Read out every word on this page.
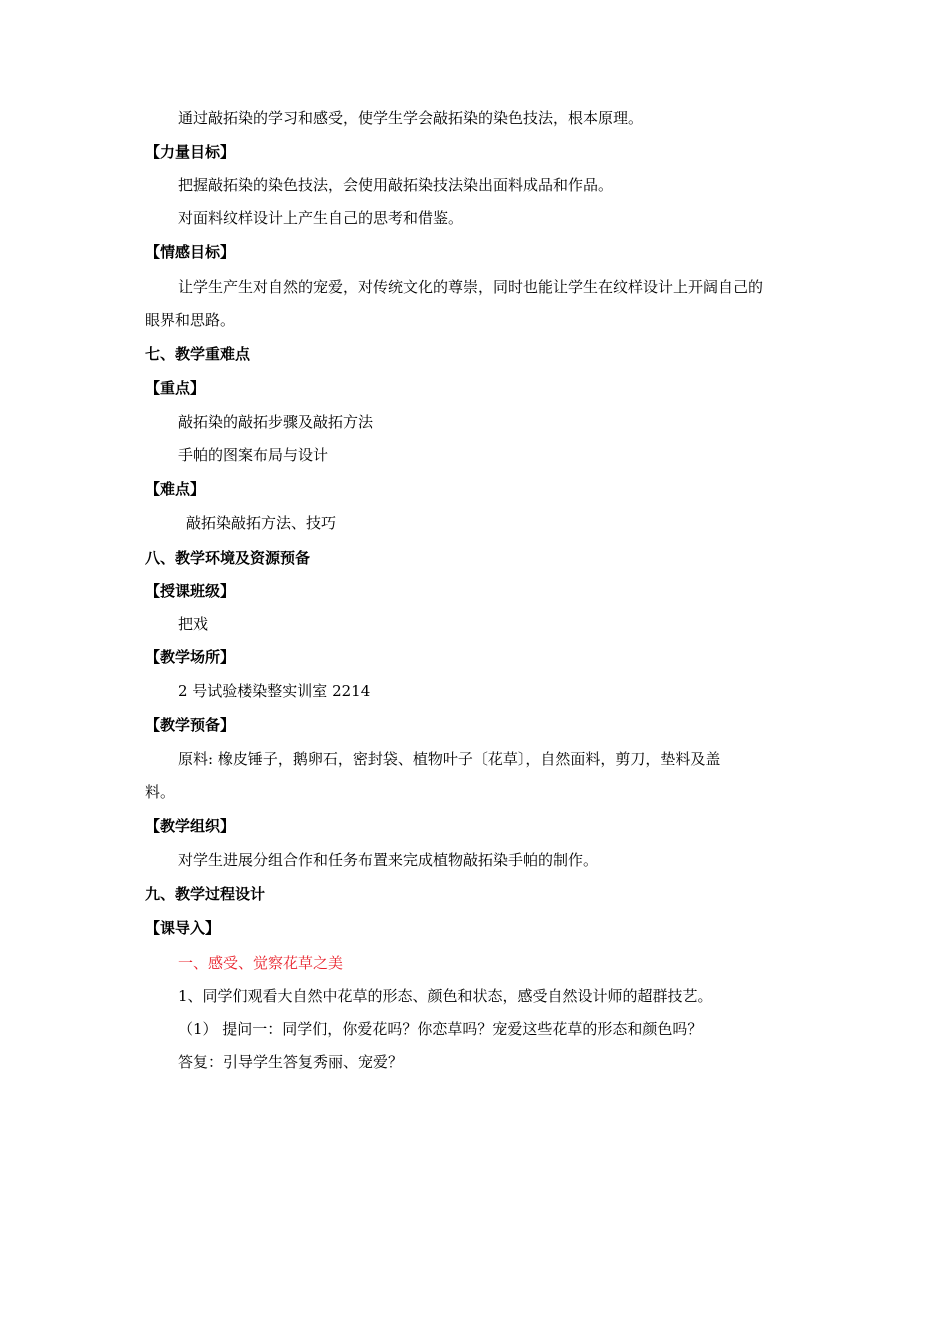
通过敲拓染的学习和感受，使学生学会敲拓染的染色技法，根本原理。
【力量目标】
把握敲拓染的染色技法，会使用敲拓染技法染出面料成品和作品。
对面料纹样设计上产生自己的思考和借鉴。
【情感目标】
让学生产生对自然的宠爱，对传统文化的尊崇，同时也能让学生在纹样设计上开阔自己的
眼界和思路。
七、教学重难点
【重点】
敲拓染的敲拓步骤及敲拓方法
手帕的图案布局与设计
【难点】
敲拓染敲拓方法、技巧
八、教学环境及资源预备
【授课班级】
把戏
【教学场所】
2 号试验楼染整实训室 2214
【教学预备】
原料: 橡皮锤子，鹅卵石，密封袋、植物叶子〔花草〕，自然面料，剪刀，垫料及盖
料。
【教学组织】
对学生进展分组合作和任务布置来完成植物敲拓染手帕的制作。
九、教学过程设计
【课导入】
一、感受、觉察花草之美
1、同学们观看大自然中花草的形态、颜色和状态，感受自然设计师的超群技艺。
（1） 提问一：同学们，你爱花吗？你恋草吗？宠爱这些花草的形态和颜色吗？
答复：引导学生答复秀丽、宠爱？
